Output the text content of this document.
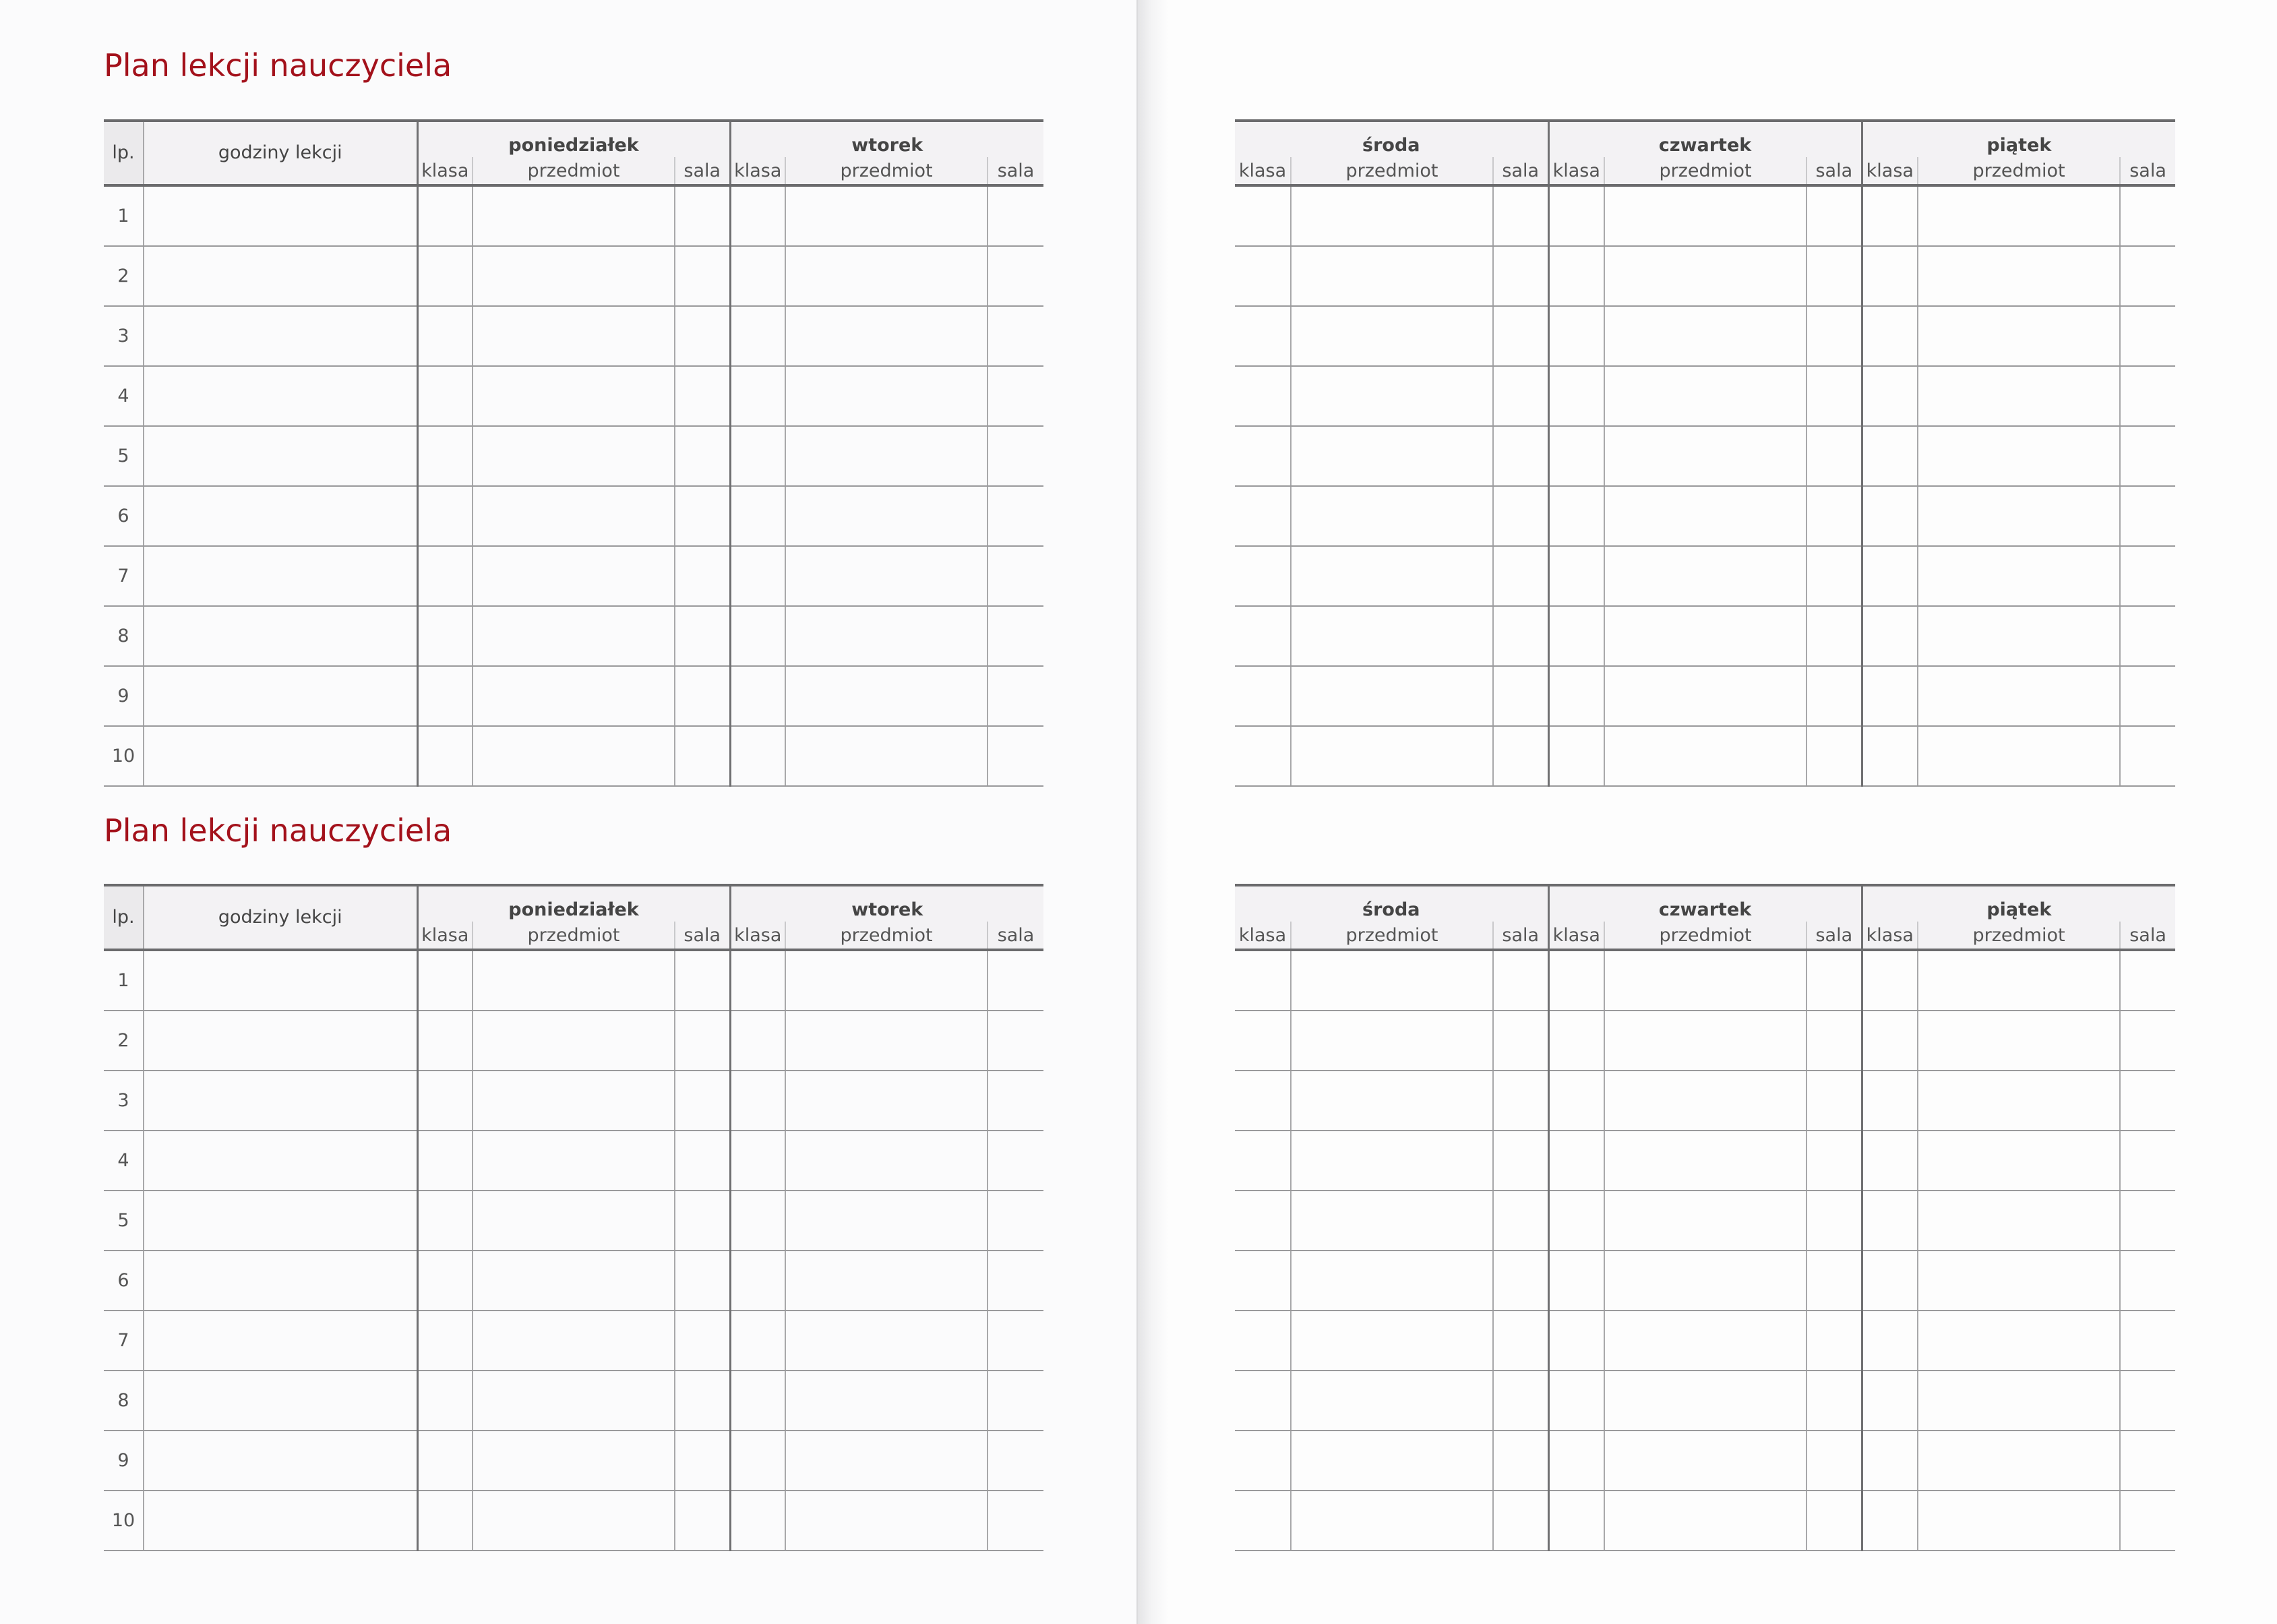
Plan lekcji nauczyciela
Plan lekcji nauczyciela
lp.	godziny lekcji	poniedziałek			wtorek		
		klasa	przedmiot	sala	klasa	przedmiot	sala
1							
2							
3							
4							
5							
6							
7							
8							
9							
10							
środa			czwartek			piątek		
klasa	przedmiot	sala	klasa	przedmiot	sala	klasa	przedmiot	sala

lp.	godziny lekcji	poniedziałek			wtorek		
		klasa	przedmiot	sala	klasa	przedmiot	sala
1							
2							
3							
4							
5							
6							
7							
8							
9							
10							
środa			czwartek			piątek		
klasa	przedmiot	sala	klasa	przedmiot	sala	klasa	przedmiot	sala
